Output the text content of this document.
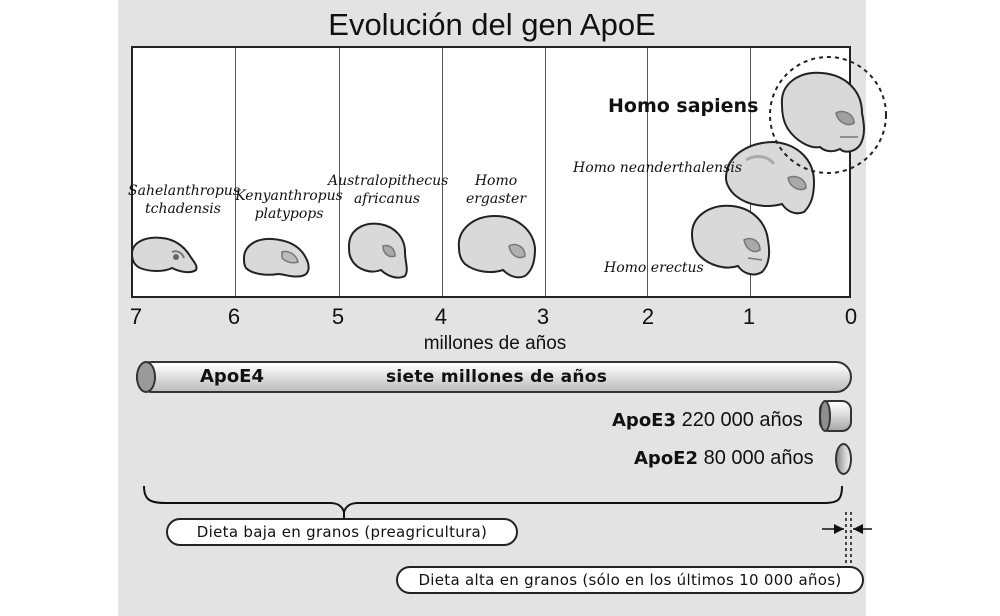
Evolución del gen ApoE
Sahelanthropus
tchadensis
Kenyanthropus
platypops
Australopithecus
africanus
Homo
ergaster
Homo neanderthalensis
Homo erectus
Homo sapiens
7	6	5	4	3	2	1	0
millones de años
ApoE4	siete millones de años
ApoE3 220 000 años
ApoE2 80 000 años
Dieta baja en granos (preagricultura)
Dieta alta en granos (sólo en los últimos 10 000 años)
